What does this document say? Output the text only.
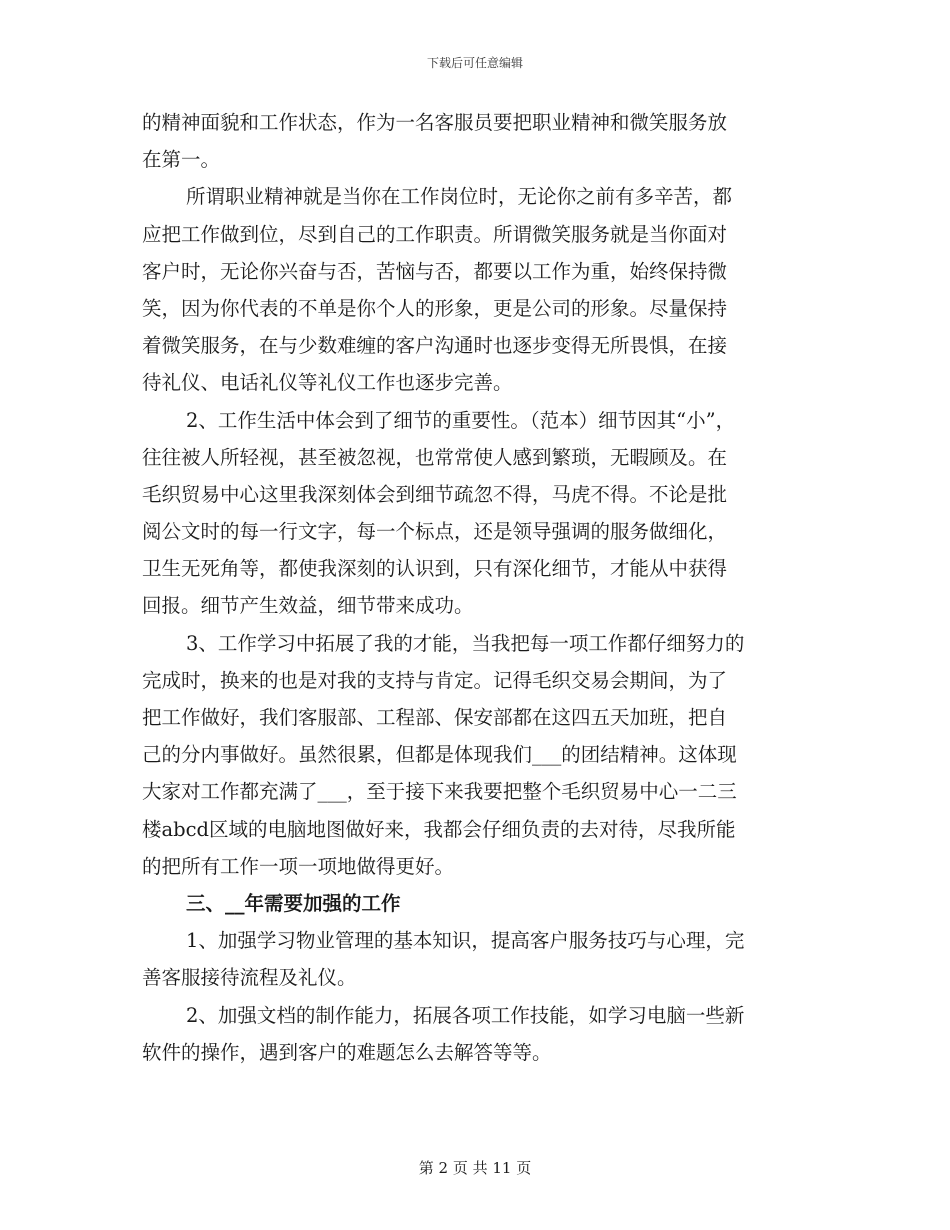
下载后可任意编辑
的精神面貌和工作状态，作为一名客服员要把职业精神和微笑服务放
在第一。
所谓职业精神就是当你在工作岗位时，无论你之前有多辛苦，都
应把工作做到位，尽到自己的工作职责。所谓微笑服务就是当你面对
客户时，无论你兴奋与否，苦恼与否，都要以工作为重，始终保持微
笑，因为你代表的不单是你个人的形象，更是公司的形象。尽量保持
着微笑服务，在与少数难缠的客户沟通时也逐步变得无所畏惧，在接
待礼仪、电话礼仪等礼仪工作也逐步完善。
2、工作生活中体会到了细节的重要性。（范本）细节因其“小”，
往往被人所轻视，甚至被忽视，也常常使人感到繁琐，无暇顾及。在
毛织贸易中心这里我深刻体会到细节疏忽不得，马虎不得。不论是批
阅公文时的每一行文字，每一个标点，还是领导强调的服务做细化，
卫生无死角等，都使我深刻的认识到，只有深化细节，才能从中获得
回报。细节产生效益，细节带来成功。
3、工作学习中拓展了我的才能，当我把每一项工作都仔细努力的
完成时，换来的也是对我的支持与肯定。记得毛织交易会期间，为了
把工作做好，我们客服部、工程部、保安部都在这四五天加班，把自
己的分内事做好。虽然很累，但都是体现我们___的团结精神。这体现
大家对工作都充满了___，至于接下来我要把整个毛织贸易中心一二三
楼abcd区域的电脑地图做好来，我都会仔细负责的去对待，尽我所能
的把所有工作一项一项地做得更好。
三、__年需要加强的工作
1、加强学习物业管理的基本知识，提高客户服务技巧与心理，完
善客服接待流程及礼仪。
2、加强文档的制作能力，拓展各项工作技能，如学习电脑一些新
软件的操作，遇到客户的难题怎么去解答等等。
第 2 页 共 11 页
